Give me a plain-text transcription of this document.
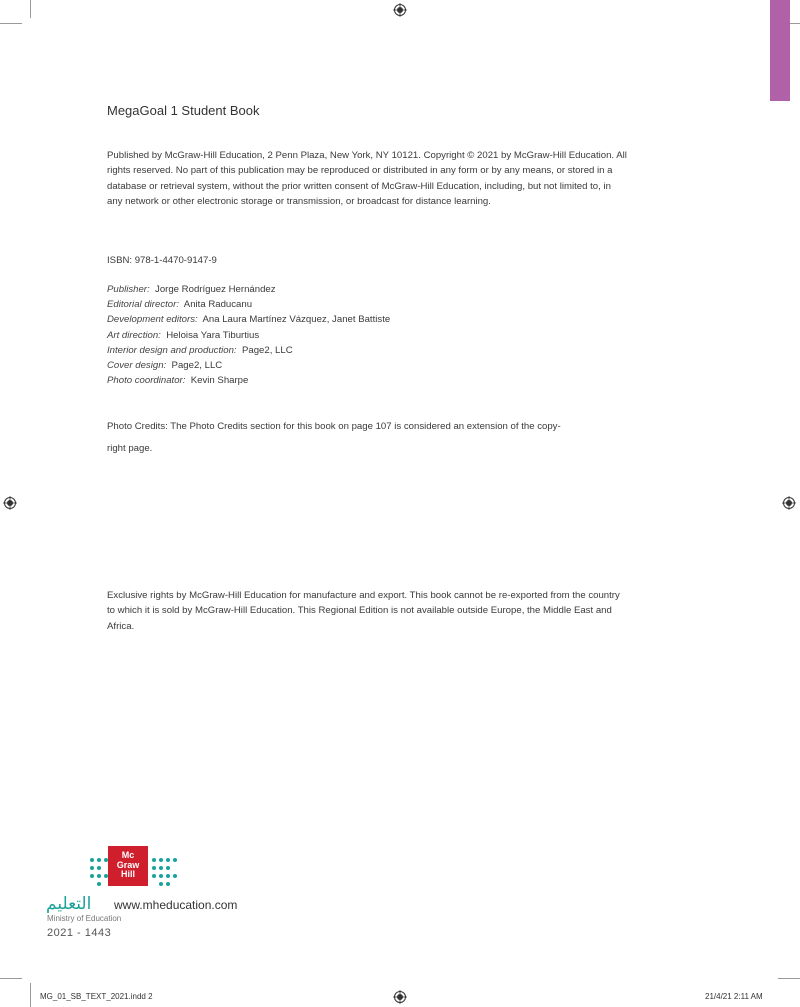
MegaGoal 1 Student Book
Published by McGraw-Hill Education, 2 Penn Plaza, New York, NY 10121. Copyright © 2021 by McGraw-Hill Education. All rights reserved. No part of this publication may be reproduced or distributed in any form or by any means, or stored in a database or retrieval system, without the prior written consent of McGraw-Hill Education, including, but not limited to, in any network or other electronic storage or transmission, or broadcast for distance learning.
ISBN: 978-1-4470-9147-9
Publisher: Jorge Rodríguez Hernández
Editorial director: Anita Raducanu
Development editors: Ana Laura Martínez Vázquez, Janet Battiste
Art direction: Heloisa Yara Tiburtius
Interior design and production: Page2, LLC
Cover design: Page2, LLC
Photo coordinator: Kevin Sharpe
Photo Credits: The Photo Credits section for this book on page 107 is considered an extension of the copy-
right page.
Exclusive rights by McGraw-Hill Education for manufacture and export. This book cannot be re-exported from the country to which it is sold by McGraw-Hill Education. This Regional Edition is not available outside Europe, the Middle East and Africa.
Mc
Graw
Hill
التعليم www.mheducation.com
Ministry of Education
2021 - 1443
MG_01_SB_TEXT_2021.indd 2	21/4/21 2:11 AM
